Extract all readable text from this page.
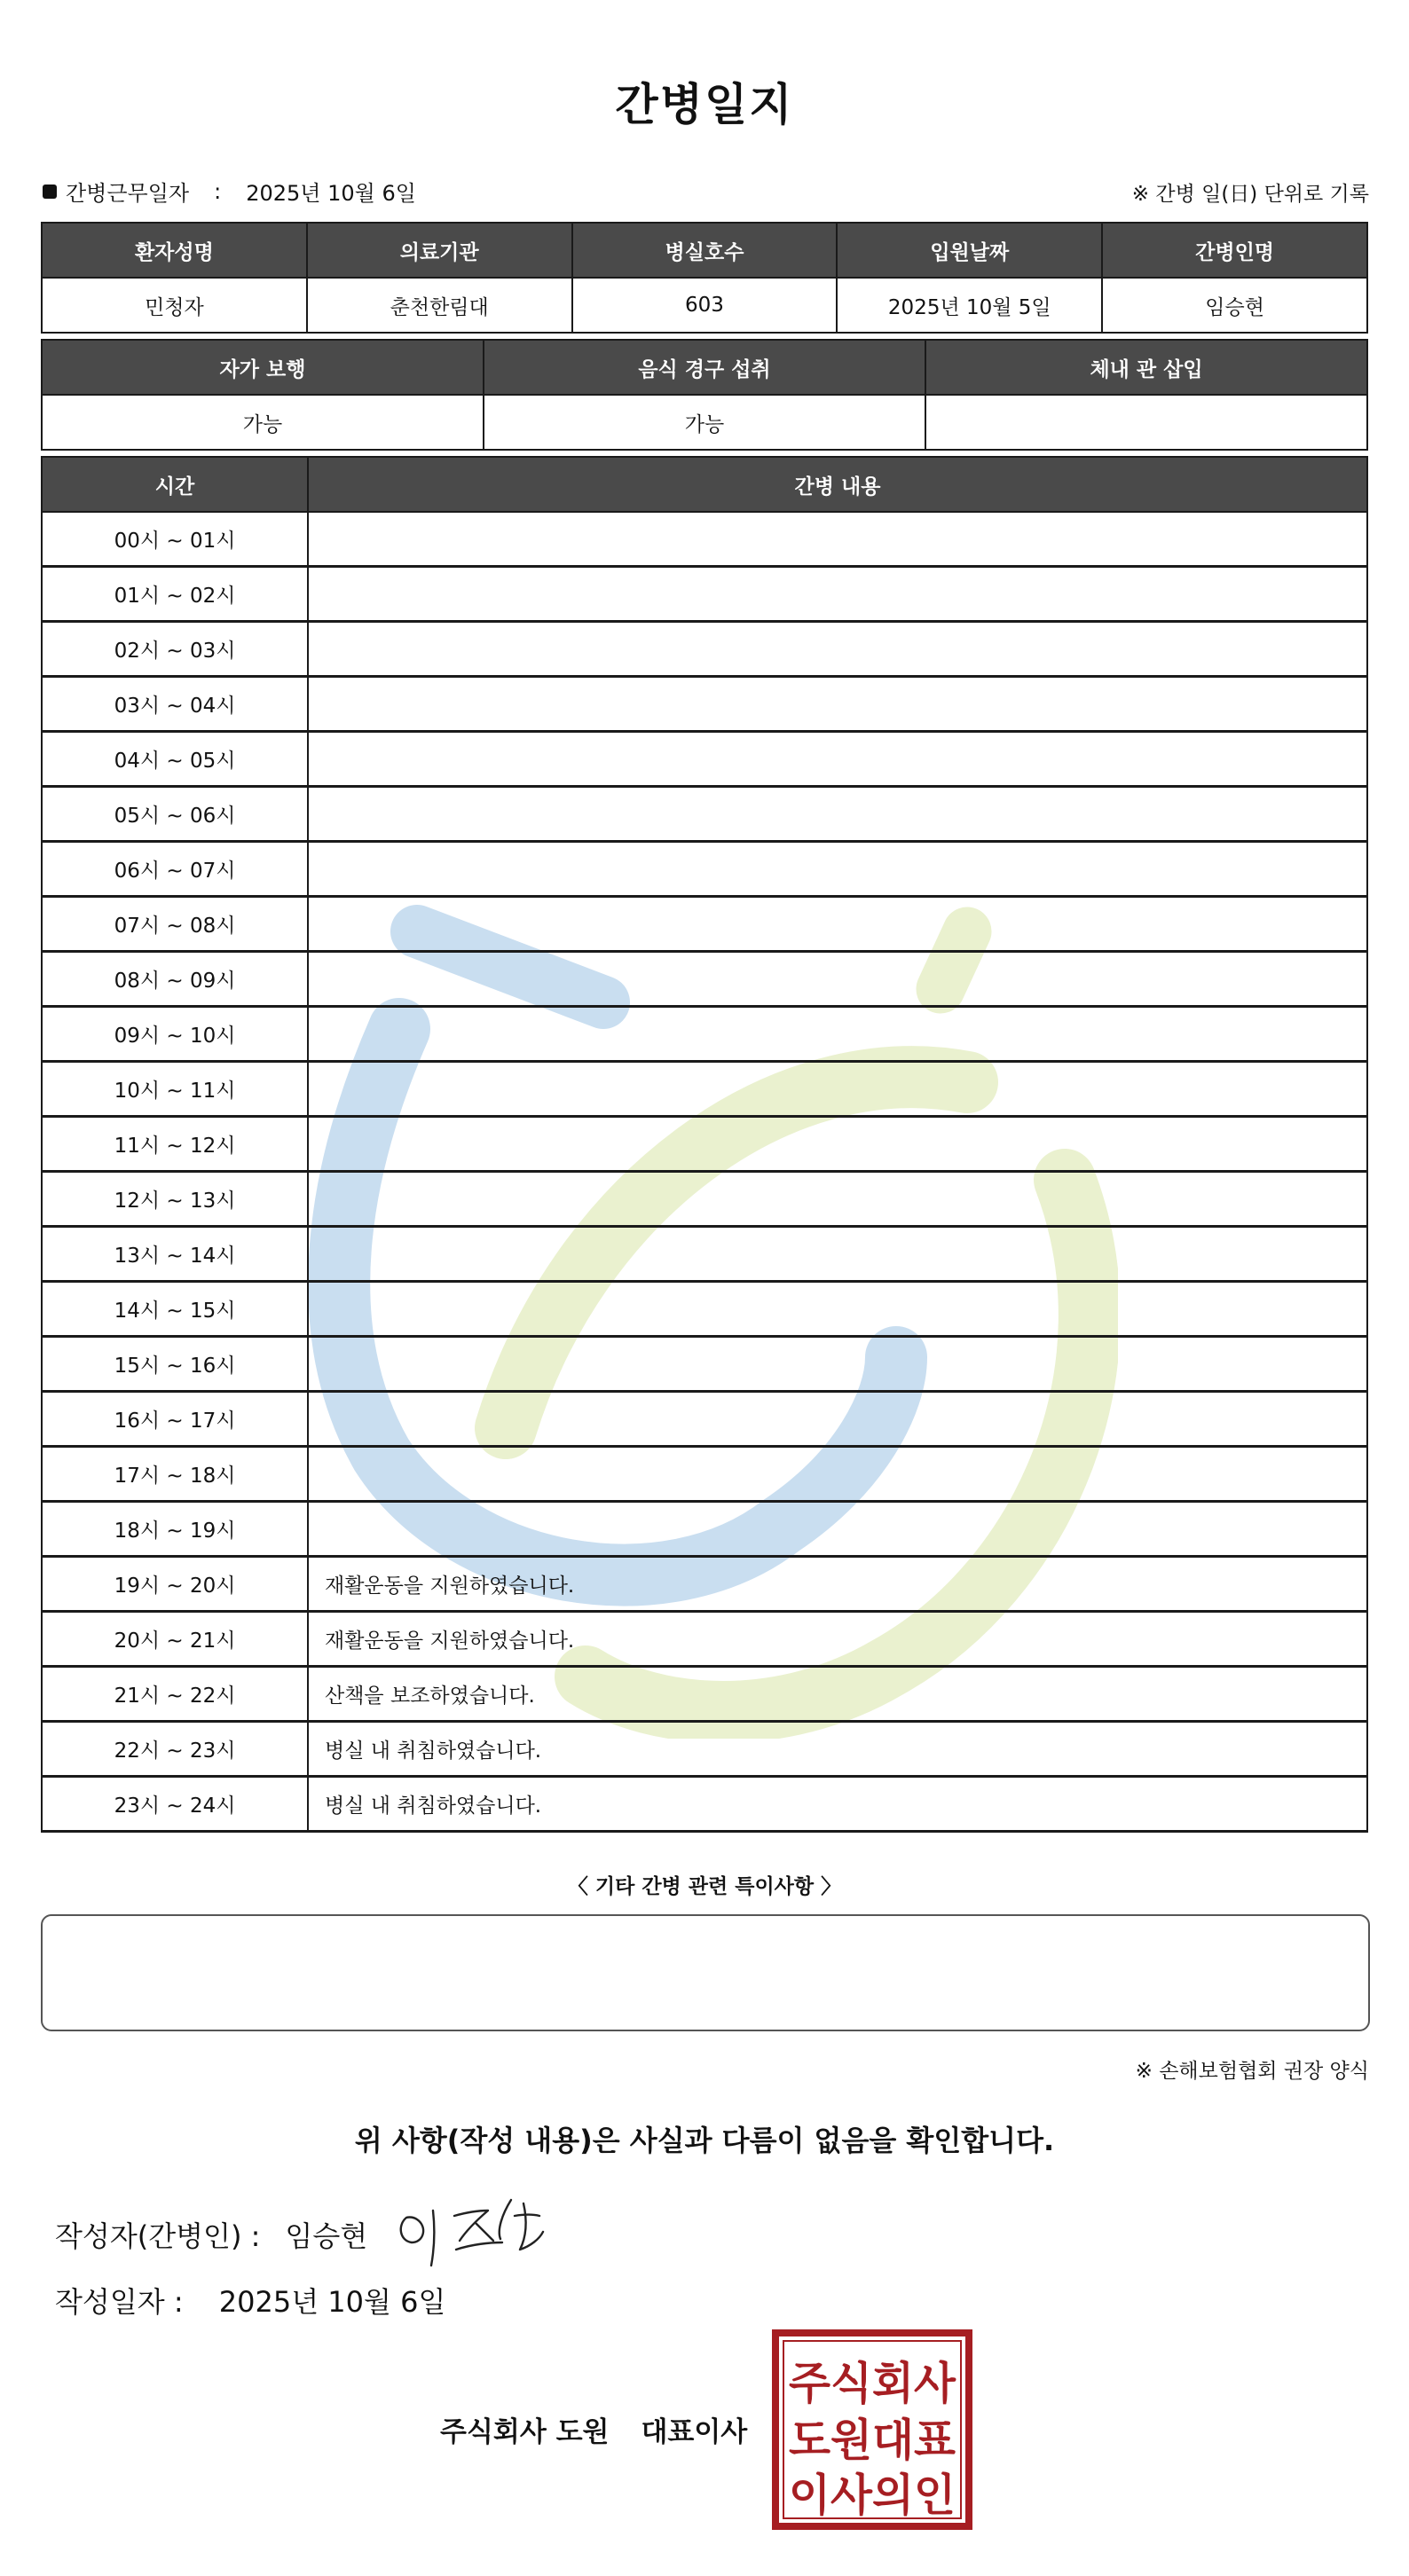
간병일지
간병근무일자 : 2025년 10월 6일	※ 간병 일(日) 단위로 기록
환자성명	의료기관	병실호수	입원날짜	간병인명
민청자	춘천한림대	603	2025년 10월 5일	임승현
자가 보행	음식 경구 섭취	체내 관 삽입
가능	가능	
시간	간병 내용
00시 ~ 01시	
01시 ~ 02시	
02시 ~ 03시	
03시 ~ 04시	
04시 ~ 05시	
05시 ~ 06시	
06시 ~ 07시	
07시 ~ 08시	
08시 ~ 09시	
09시 ~ 10시	
10시 ~ 11시	
11시 ~ 12시	
12시 ~ 13시	
13시 ~ 14시	
14시 ~ 15시	
15시 ~ 16시	
16시 ~ 17시	
17시 ~ 18시	
18시 ~ 19시	
19시 ~ 20시	재활운동을 지원하였습니다.
20시 ~ 21시	재활운동을 지원하였습니다.
21시 ~ 22시	산책을 보조하였습니다.
22시 ~ 23시	병실 내 취침하였습니다.
23시 ~ 24시	병실 내 취침하였습니다.
〈 기타 간병 관련 특이사항 〉
※ 손해보험협회 권장 양식
위 사항(작성 내용)은 사실과 다름이 없음을 확인합니다.
작성자(간병인) : 임승현
작성일자 : 2025년 10월 6일
주식회사 도원 대표이사
주식회사
도원대표
이사의인
